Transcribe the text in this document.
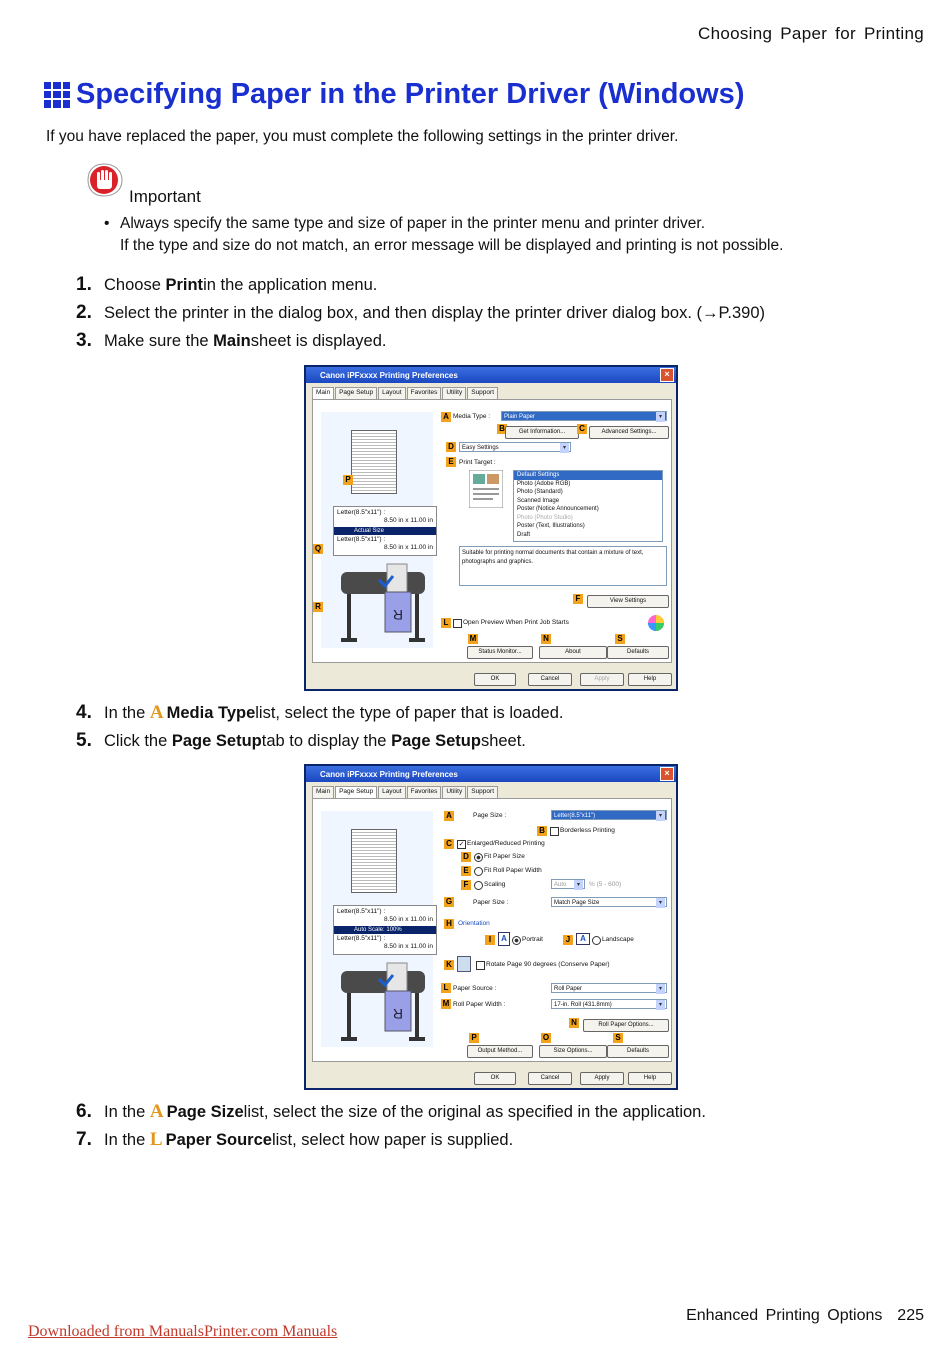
Choosing Paper for Printing
Specifying Paper in the Printer Driver (Windows)
If you have replaced the paper, you must complete the following settings in the printer driver.
Important
• Always specify the same type and size of paper in the printer menu and printer driver.
If the type and size do not match, an error message will be displayed and printing is not possible.
1. Choose
Print in the application menu.
2. Select the printer in the dialog box, and then display the printer driver dialog box. (→P.390)
3. Make sure the
Main sheet is displayed.
Canon iPFxxxx Printing Preferences	×
Main	Page Setup	Layout	Favorites	Utility	Support
Letter(8.5"x11") :
8.50 in x 11.00 in
Actual Size
Letter(8.5"x11") :
8.50 in x 11.00 in
R
P
Q
R
A Media Type :	Plain Paper ▾
B	Get Information...	C	Advanced Settings...
D	Easy Settings ▾
E Print Target :
Default Settings
Photo (Adobe RGB)
Photo (Standard)
Scanned Image
Poster (Notice Announcement)
Photo (Photo Studio)
Poster (Text, Illustrations)
Draft
Suitable for printing normal documents that contain a mixture of text, photographs and graphics.
F	View Settings
L	Open Preview When Print Job Starts
M
Status Monitor...
N
About
S
Defaults
OK	Cancel	Apply	Help
4. In the
A Media Type list, select the type of paper that is loaded.
5. Click the
Page Setup tab to display the
Page Setup sheet.
Canon iPFxxxx Printing Preferences	×
Main	Page Setup	Layout	Favorites	Utility	Support
Letter(8.5"x11") :
8.50 in x 11.00 in
Auto Scale: 100%
Letter(8.5"x11") :
8.50 in x 11.00 in
R
A	Page Size :	Letter(8.5"x11") ▾
B	Borderless Printing
C ✓ Enlarged/Reduced Printing
D	Fit Paper Size
E	Fit Roll Paper Width
F	Scaling	Auto ▾	% (5 - 600)
G	Paper Size :	Match Page Size ▾
H Orientation
I	A	Portrait	J	A	Landscape
K	Rotate Page 90 degrees (Conserve Paper)
L Paper Source :	Roll Paper ▾
M Roll Paper Width :	17-in. Roll (431.8mm) ▾
N	Roll Paper Options...
P
Output Method...
O
Size Options...
S
Defaults
OK	Cancel	Apply	Help
6. In the
A Page Size list, select the size of the original as specified in the application.
7. In the
L Paper Source list, select how paper is supplied.
Enhanced Printing Options 225
Downloaded from ManualsPrinter.com Manuals
